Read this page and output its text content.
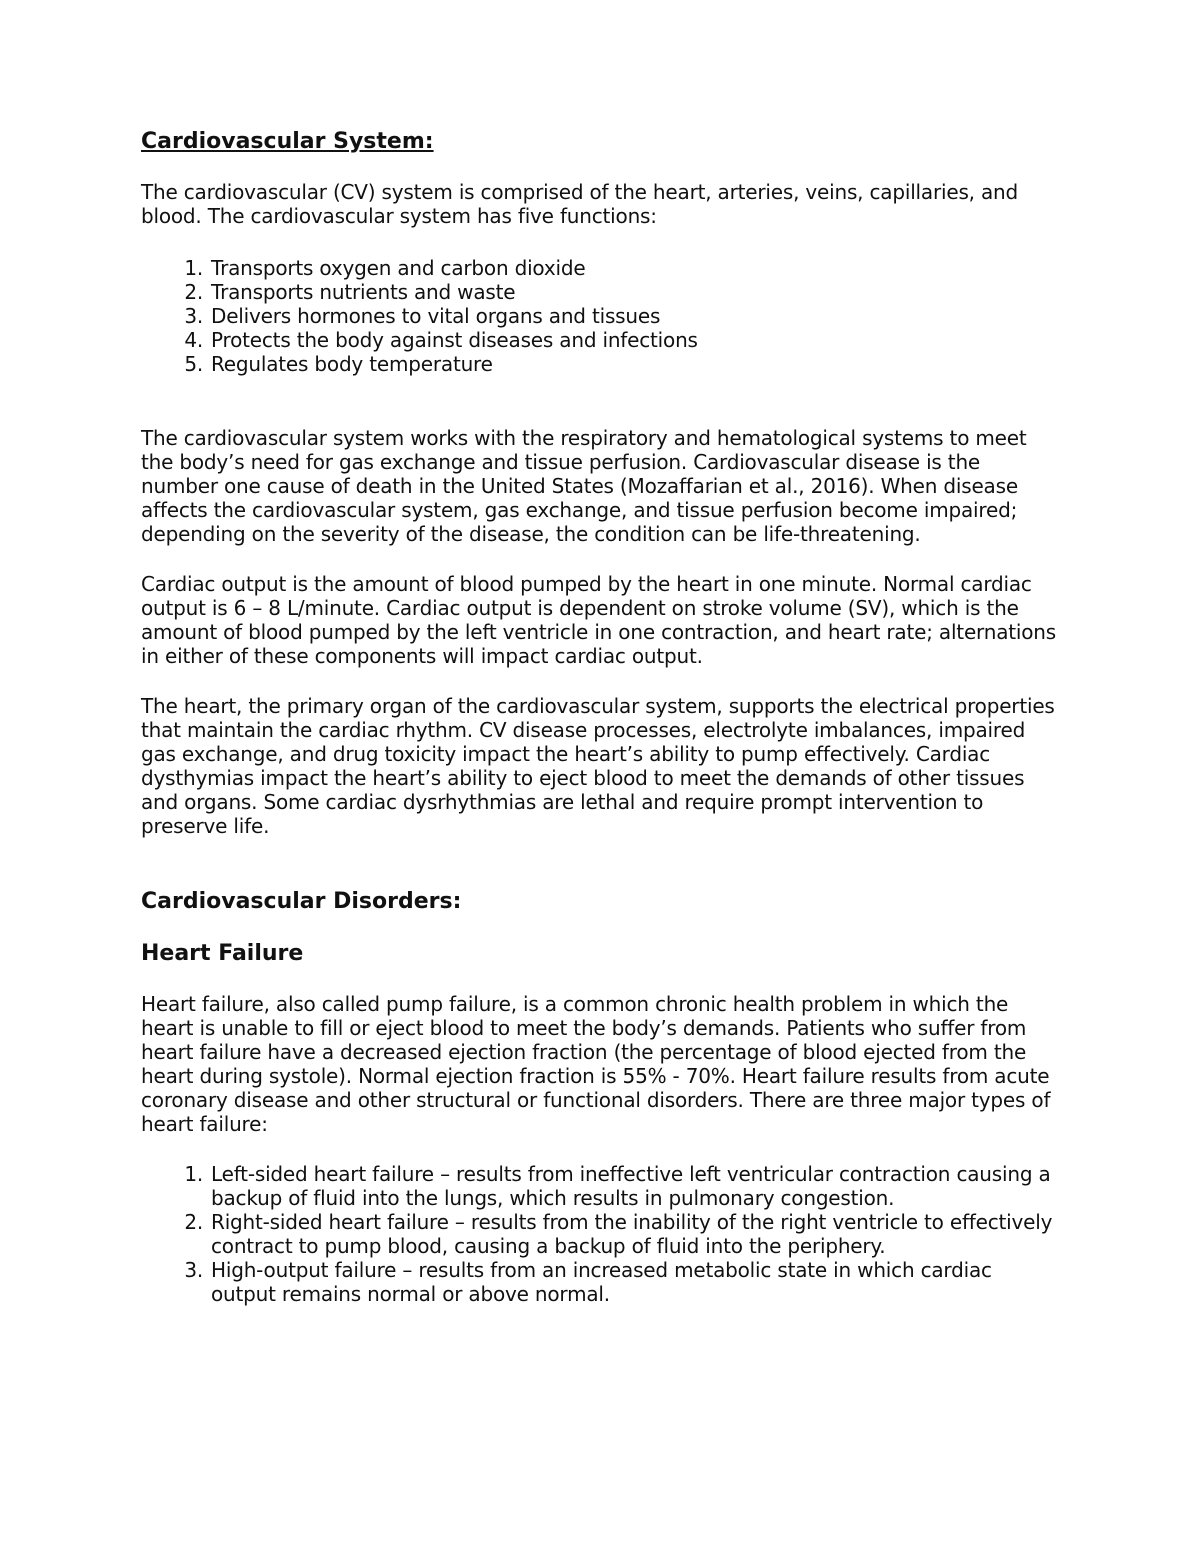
Cardiovascular System:

The cardiovascular (CV) system is comprised of the heart, arteries, veins, capillaries, and blood. The cardiovascular system has five functions:

1. Transports oxygen and carbon dioxide
2. Transports nutrients and waste
3. Delivers hormones to vital organs and tissues
4. Protects the body against diseases and infections
5. Regulates body temperature

The cardiovascular system works with the respiratory and hematological systems to meet the body’s need for gas exchange and tissue perfusion. Cardiovascular disease is the number one cause of death in the United States (Mozaffarian et al., 2016). When disease affects the cardiovascular system, gas exchange, and tissue perfusion become impaired; depending on the severity of the disease, the condition can be life-threatening.

Cardiac output is the amount of blood pumped by the heart in one minute. Normal cardiac output is 6 – 8 L/minute. Cardiac output is dependent on stroke volume (SV), which is the amount of blood pumped by the left ventricle in one contraction, and heart rate; alternations in either of these components will impact cardiac output.

The heart, the primary organ of the cardiovascular system, supports the electrical properties that maintain the cardiac rhythm. CV disease processes, electrolyte imbalances, impaired gas exchange, and drug toxicity impact the heart’s ability to pump effectively. Cardiac dysthymias impact the heart’s ability to eject blood to meet the demands of other tissues and organs. Some cardiac dysrhythmias are lethal and require prompt intervention to preserve life.

Cardiovascular Disorders:
Heart Failure

Heart failure, also called pump failure, is a common chronic health problem in which the heart is unable to fill or eject blood to meet the body’s demands. Patients who suffer from heart failure have a decreased ejection fraction (the percentage of blood ejected from the heart during systole). Normal ejection fraction is 55% - 70%. Heart failure results from acute coronary disease and other structural or functional disorders. There are three major types of heart failure:

1. Left-sided heart failure – results from ineffective left ventricular contraction causing a backup of fluid into the lungs, which results in pulmonary congestion.
2. Right-sided heart failure – results from the inability of the right ventricle to effectively contract to pump blood, causing a backup of fluid into the periphery.
3. High-output failure – results from an increased metabolic state in which cardiac output remains normal or above normal.
